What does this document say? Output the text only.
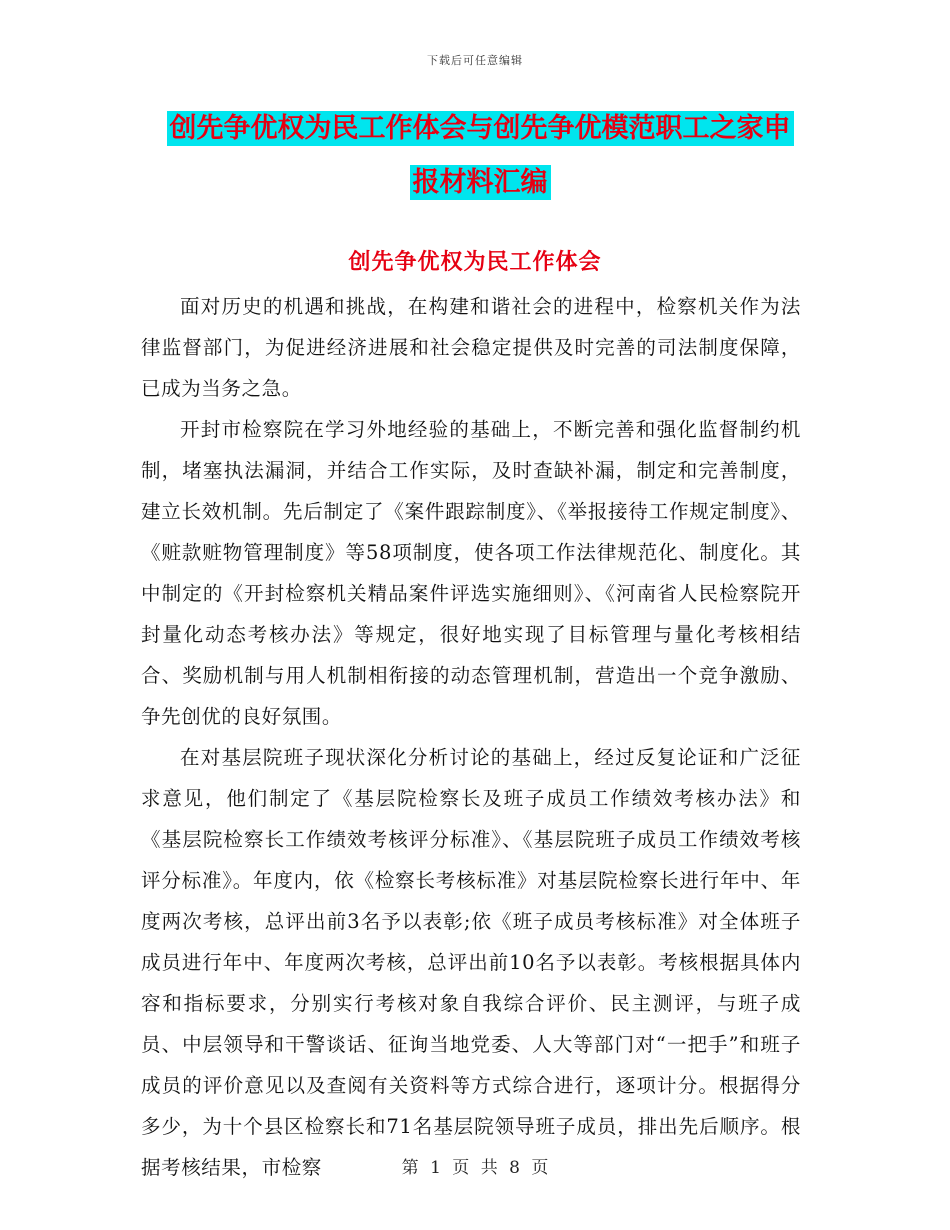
下载后可任意编辑
创先争优权为民工作体会与创先争优模范职工之家申
报材料汇编
创先争优权为民工作体会

面对历史的机遇和挑战，在构建和谐社会的进程中，检察机关作为法律监督部门，为促进经济进展和社会稳定提供及时完善的司法制度保障，已成为当务之急。

开封市检察院在学习外地经验的基础上，不断完善和强化监督制约机制，堵塞执法漏洞，并结合工作实际，及时查缺补漏，制定和完善制度，建立长效机制。先后制定了《案件跟踪制度》、《举报接待工作规定制度》、《赃款赃物管理制度》等58项制度，使各项工作法律规范化、制度化。其中制定的《开封检察机关精品案件评选实施细则》、《河南省人民检察院开封量化动态考核办法》等规定，很好地实现了目标管理与量化考核相结合、奖励机制与用人机制相衔接的动态管理机制，营造出一个竞争激励、争先创优的良好氛围。

在对基层院班子现状深化分析讨论的基础上，经过反复论证和广泛征求意见，他们制定了《基层院检察长及班子成员工作绩效考核办法》和《基层院检察长工作绩效考核评分标准》、《基层院班子成员工作绩效考核评分标准》。年度内，依《检察长考核标准》对基层院检察长进行年中、年度两次考核，总评出前3名予以表彰;依《班子成员考核标准》对全体班子成员进行年中、年度两次考核，总评出前10名予以表彰。考核根据具体内容和指标要求，分别实行考核对象自我综合评价、民主测评，与班子成员、中层领导和干警谈话、征询当地党委、人大等部门对“一把手”和班子成员的评价意见以及查阅有关资料等方式综合进行，逐项计分。根据得分多少，为十个县区检察长和71名基层院领导班子成员，排出先后顺序。根据考核结果，市检察	第 1 页 共 8 页
